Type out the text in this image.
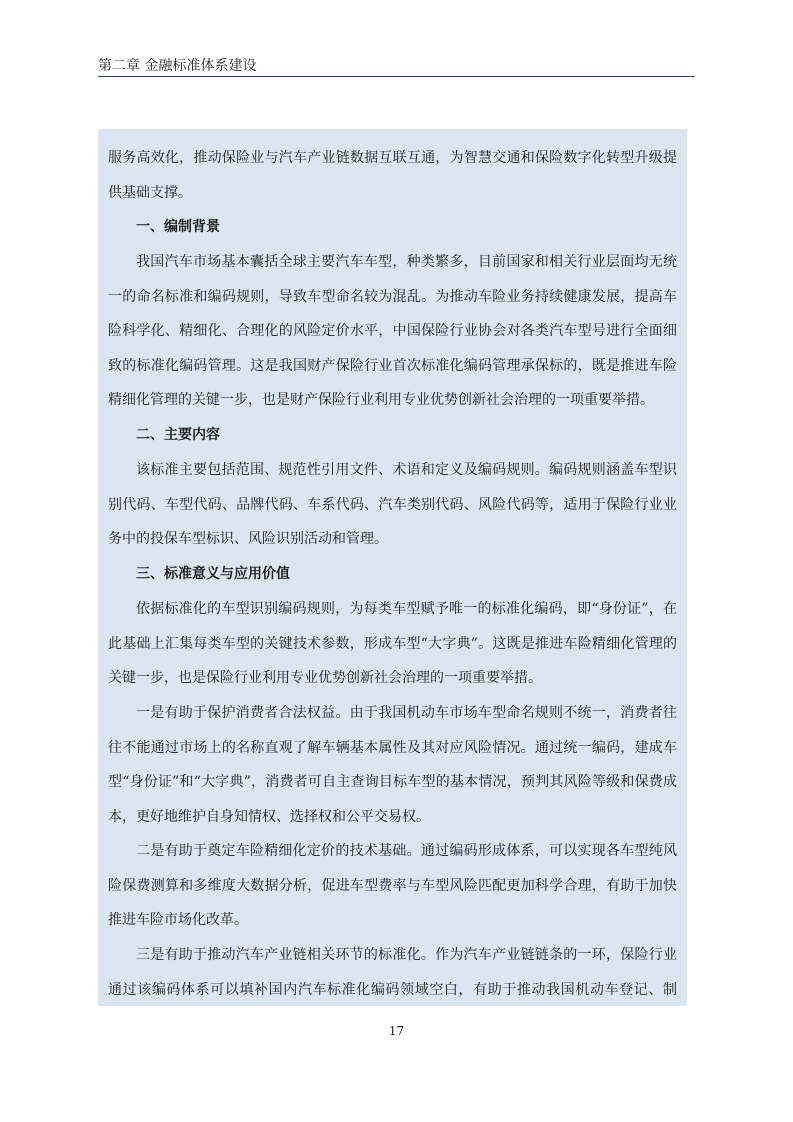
第二章 金融标准体系建设

服务高效化，推动保险业与汽车产业链数据互联互通，为智慧交通和保险数字化转型升级提供基础支撑。

一、编制背景

我国汽车市场基本囊括全球主要汽车车型，种类繁多，目前国家和相关行业层面均无统一的命名标准和编码规则，导致车型命名较为混乱。为推动车险业务持续健康发展，提高车险科学化、精细化、合理化的风险定价水平，中国保险行业协会对各类汽车型号进行全面细致的标准化编码管理。这是我国财产保险行业首次标准化编码管理承保标的，既是推进车险精细化管理的关键一步，也是财产保险行业利用专业优势创新社会治理的一项重要举措。

二、主要内容

该标准主要包括范围、规范性引用文件、术语和定义及编码规则。编码规则涵盖车型识别代码、车型代码、品牌代码、车系代码、汽车类别代码、风险代码等，适用于保险行业业务中的投保车型标识、风险识别活动和管理。

三、标准意义与应用价值

依据标准化的车型识别编码规则，为每类车型赋予唯一的标准化编码，即“身份证”，在此基础上汇集每类车型的关键技术参数，形成车型“大字典”。这既是推进车险精细化管理的关键一步，也是保险行业利用专业优势创新社会治理的一项重要举措。

一是有助于保护消费者合法权益。由于我国机动车市场车型命名规则不统一，消费者往往不能通过市场上的名称直观了解车辆基本属性及其对应风险情况。通过统一编码，建成车型“身份证”和“大字典”，消费者可自主查询目标车型的基本情况，预判其风险等级和保费成本，更好地维护自身知情权、选择权和公平交易权。

二是有助于奠定车险精细化定价的技术基础。通过编码形成体系，可以实现各车型纯风险保费测算和多维度大数据分析，促进车型费率与车型风险匹配更加科学合理，有助于加快推进车险市场化改革。

三是有助于推动汽车产业链相关环节的标准化。作为汽车产业链链条的一环，保险行业通过该编码体系可以填补国内汽车标准化编码领域空白，有助于推动我国机动车登记、制

17
